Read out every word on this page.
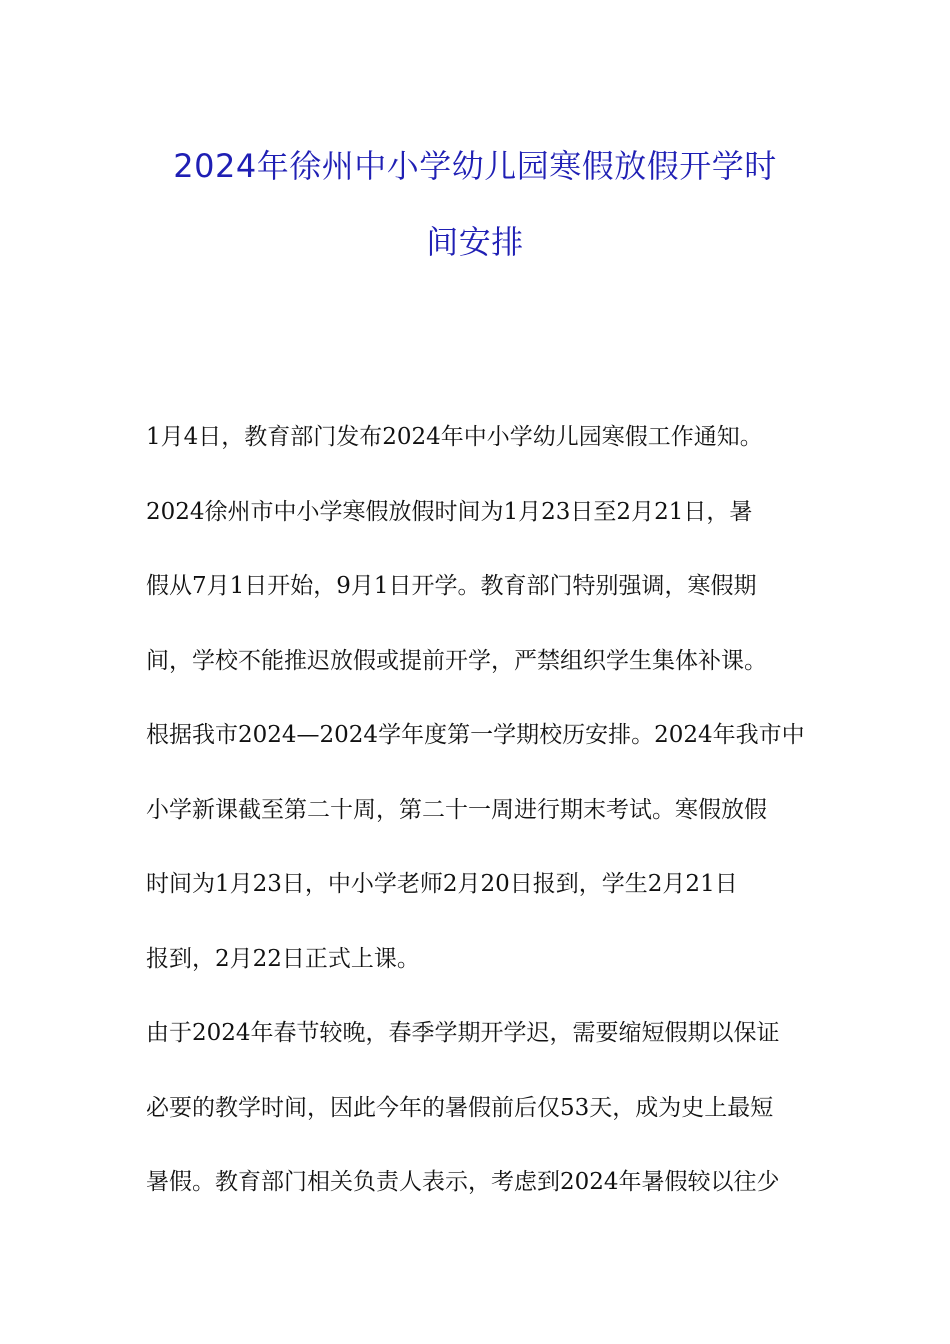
2024年徐州中小学幼儿园寒假放假开学时
间安排
1月4日，教育部门发布2024年中小学幼儿园寒假工作通知。
2024徐州市中小学寒假放假时间为1月23日至2月21日，暑
假从7月1日开始，9月1日开学。教育部门特别强调，寒假期
间，学校不能推迟放假或提前开学，严禁组织学生集体补课。
根据我市2024—2024学年度第一学期校历安排。2024年我市中
小学新课截至第二十周，第二十一周进行期末考试。寒假放假
时间为1月23日，中小学老师2月20日报到，学生2月21日
报到，2月22日正式上课。
由于2024年春节较晚，春季学期开学迟，需要缩短假期以保证
必要的教学时间，因此今年的暑假前后仅53天，成为史上最短
暑假。教育部门相关负责人表示，考虑到2024年暑假较以往少
